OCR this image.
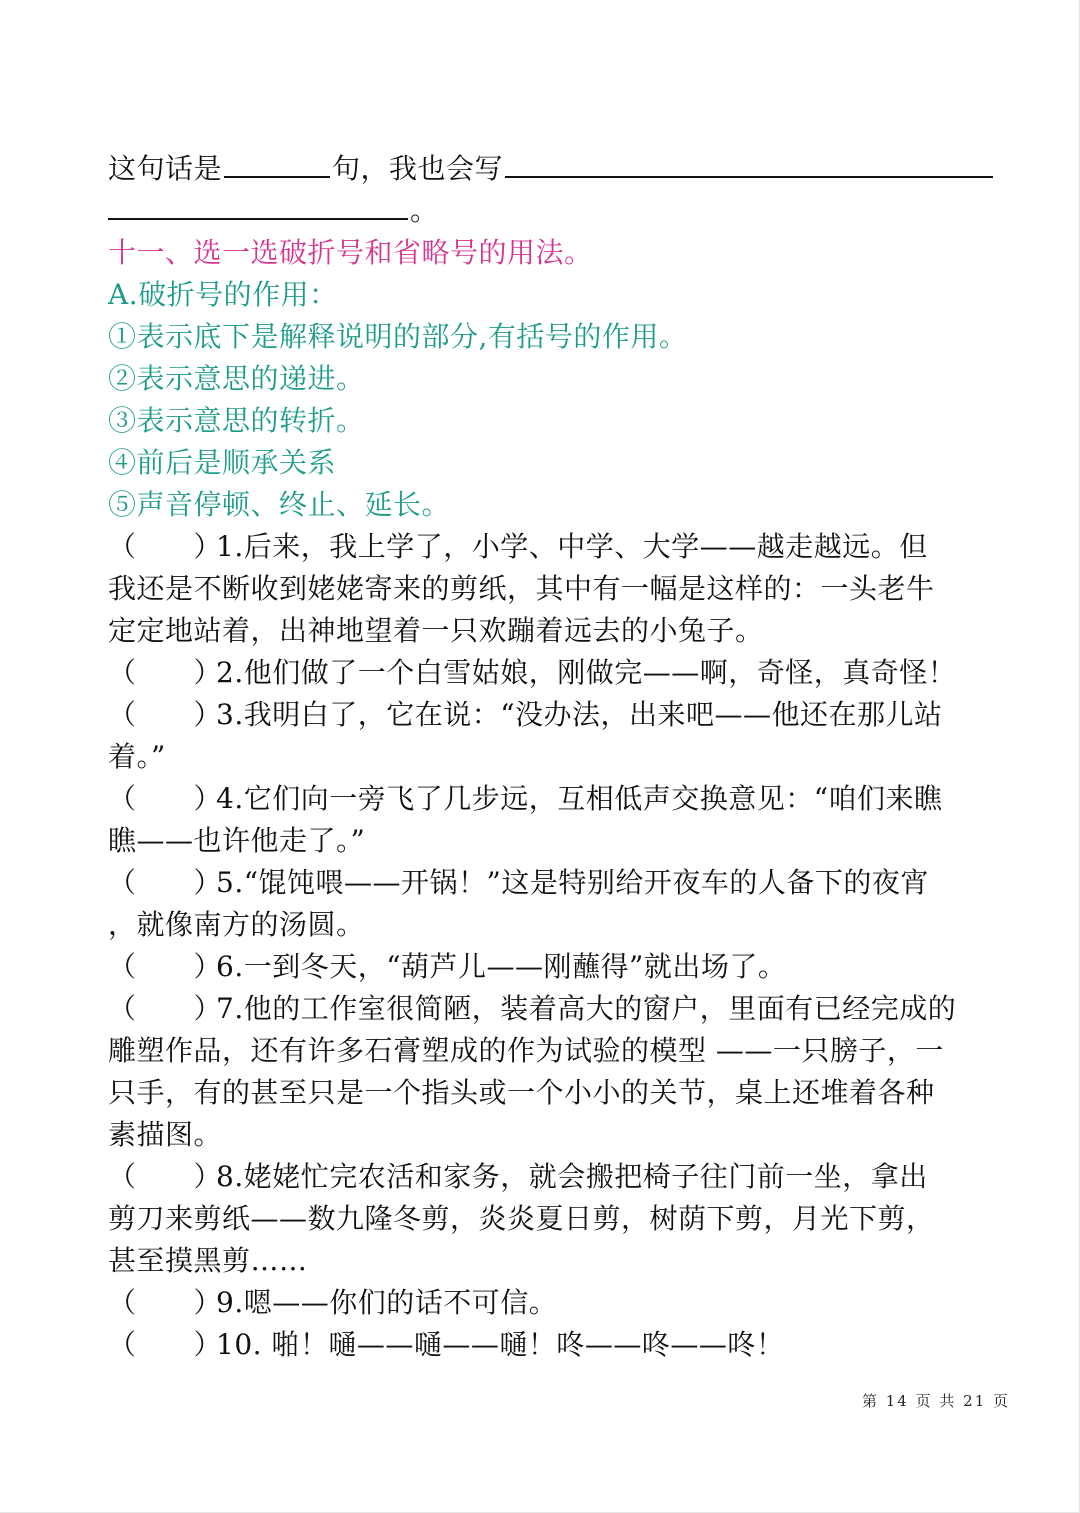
这句话是	句，我也会写
。
十一、选一选破折号和省略号的用法。
A.破折号的作用：
①表示底下是解释说明的部分,有括号的作用。
②表示意思的递进。
③表示意思的转折。
④前后是顺承关系
⑤声音停顿、终止、延长。
（　　）1.后来，我上学了，小学、中学、大学——越走越远。但
我还是不断收到姥姥寄来的剪纸，其中有一幅是这样的：一头老牛
定定地站着，出神地望着一只欢蹦着远去的小兔子。
（　　）2.他们做了一个白雪姑娘，刚做完——啊，奇怪，真奇怪！
（　　）3.我明白了，它在说：“没办法，出来吧——他还在那儿站
着。”
（　　）4.它们向一旁飞了几步远，互相低声交换意见：“咱们来瞧
瞧——也许他走了。”
（　　）5.“馄饨喂——开锅！”这是特别给开夜车的人备下的夜宵
，就像南方的汤圆。
（　　）6.一到冬天，“葫芦儿——刚蘸得”就出场了。
（　　）7.他的工作室很简陋，装着高大的窗户，里面有已经完成的
雕塑作品，还有许多石膏塑成的作为试验的模型 ——一只膀子，一
只手，有的甚至只是一个指头或一个小小的关节，桌上还堆着各种
素描图。
（　　）8.姥姥忙完农活和家务，就会搬把椅子往门前一坐，拿出
剪刀来剪纸——数九隆冬剪，炎炎夏日剪，树荫下剪，月光下剪，
甚至摸黑剪……
（　　）9.嗯——你们的话不可信。
（　　）10. 啪！嗵——嗵——嗵！咚——咚——咚！
第 14 页 共 21 页
